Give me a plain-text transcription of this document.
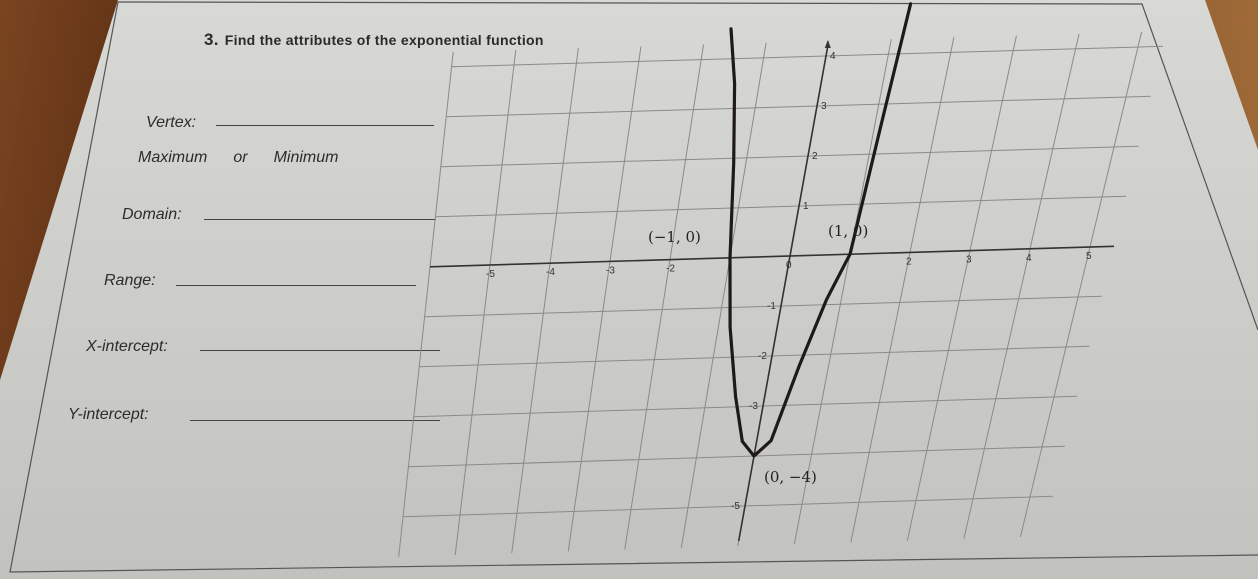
3. Find the attributes of the exponential function
Vertex:
Maximum or Minimum
Domain:
Range:
X-intercept:
Y-intercept:
-5	-4	-3	-2	0	2	3	4	5
4
3
2
1
-1
-2
-3
-5
(−1, 0)	(1, 0)
(0, −4)
